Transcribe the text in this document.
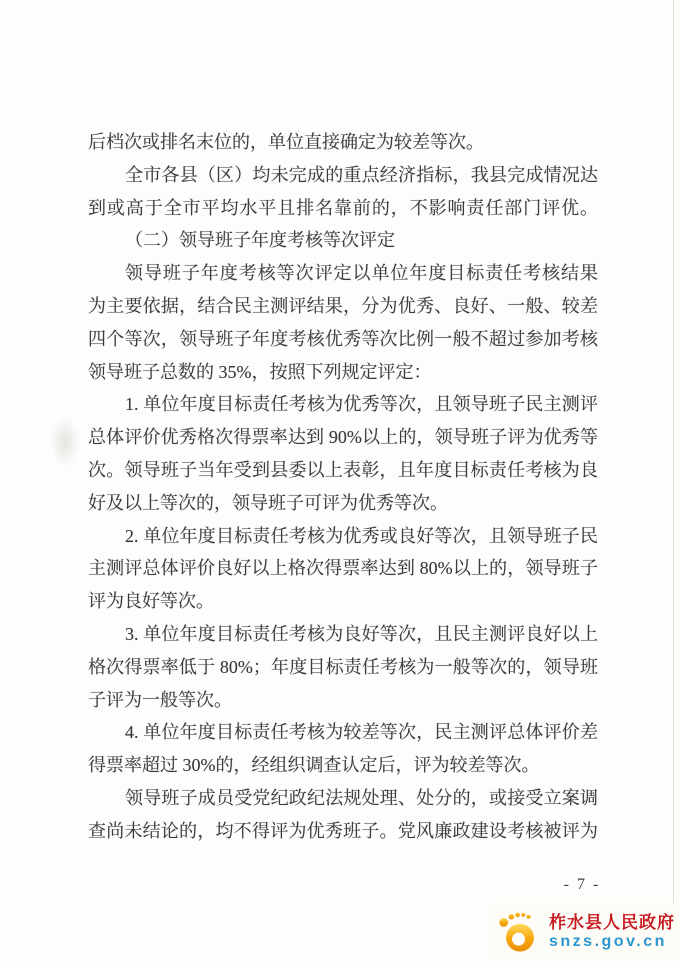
后档次或排名末位的，单位直接确定为较差等次。

全市各县（区）均未完成的重点经济指标，我县完成情况达
到或高于全市平均水平且排名靠前的，不影响责任部门评优。

（二）领导班子年度考核等次评定

领导班子年度考核等次评定以单位年度目标责任考核结果
为主要依据，结合民主测评结果，分为优秀、良好、一般、较差
四个等次，领导班子年度考核优秀等次比例一般不超过参加考核
领导班子总数的 35%，按照下列规定评定：

1. 单位年度目标责任考核为优秀等次，且领导班子民主测评
总体评价优秀格次得票率达到 90%以上的，领导班子评为优秀等
次。领导班子当年受到县委以上表彰，且年度目标责任考核为良
好及以上等次的，领导班子可评为优秀等次。

2. 单位年度目标责任考核为优秀或良好等次，且领导班子民
主测评总体评价良好以上格次得票率达到 80%以上的，领导班子
评为良好等次。

3. 单位年度目标责任考核为良好等次，且民主测评良好以上
格次得票率低于 80%；年度目标责任考核为一般等次的，领导班
子评为一般等次。

4. 单位年度目标责任考核为较差等次，民主测评总体评价差
得票率超过 30%的，经组织调查认定后，评为较差等次。

领导班子成员受党纪政纪法规处理、处分的，或接受立案调
查尚未结论的，均不得评为优秀班子。党风廉政建设考核被评为

- 7 -
柞水县人民政府
snzs.gov.cn
